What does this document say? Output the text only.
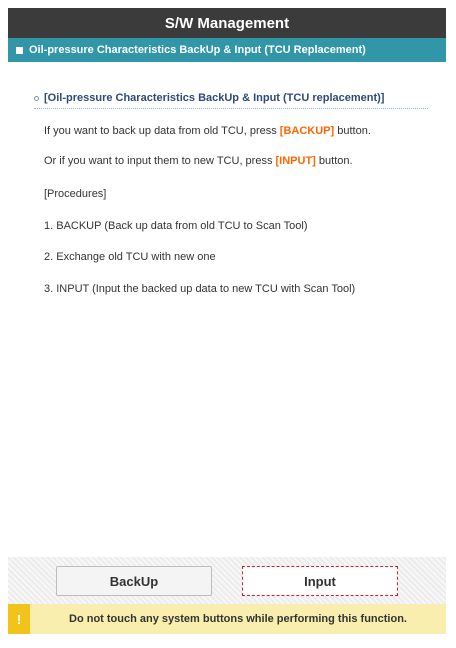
S/W Management
Oil-pressure Characteristics BackUp & Input (TCU Replacement)
[Oil-pressure Characteristics BackUp & Input (TCU replacement)]
If you want to back up data from old TCU, press [BACKUP] button.
Or if you want to input them to new TCU, press [INPUT] button.
[Procedures]
1. BACKUP (Back up data from old TCU to Scan Tool)
2. Exchange old TCU with new one
3. INPUT (Input the backed up data to new TCU with Scan Tool)
BackUp	Input
!	Do not touch any system buttons while performing this function.
